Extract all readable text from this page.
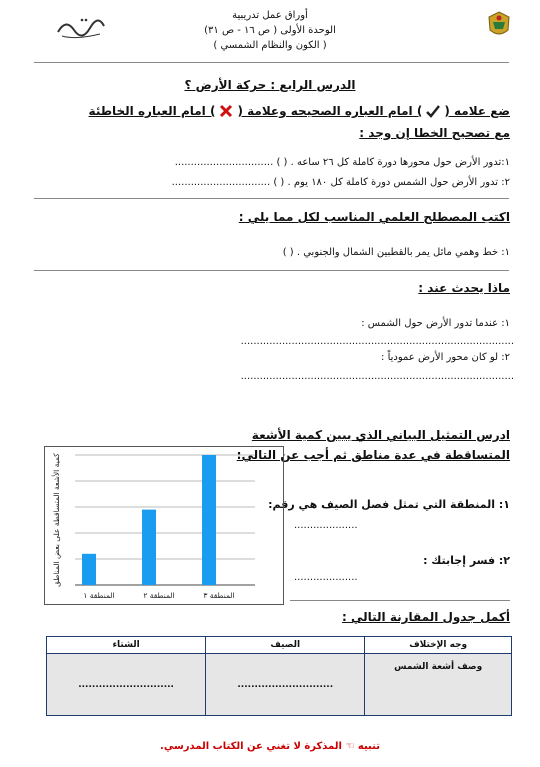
أوراق عمل تدريبية
الوحدة الأولى ( ص ١٦ - ص ٣١)
( الكون والنظام الشمسي )
الدرس الرابع : حركة الأرض ؟
ضع علامه (
) امام العباره الصحيحه وعلامة (
) امام العباره الخاطئة
مع تصحيح الخطا إن وجد :
١:تدور الأرض حول محورها دورة كاملة كل ٢٦ ساعه . ( ) ...............................
٢: تدور الأرض حول الشمس دورة كاملة كل ١٨٠ يوم . ( ) ...............................
اكتب المصطلح العلمي المناسب لكل مما يلي :
١: خط وهمي مائل يمر بالقطبين الشمال والجنوبي . ( )
ماذا يحدث عند :
١: عندما تدور الأرض حول الشمس :
......................................................................................
٢: لو كان محور الأرض عمودياً :
......................................................................................
ادرس التمثيل البياني الذي يبين كمية الأشعة
المتساقطة في عدة مناطق ثم أجب عن التالي:
١: المنطقة التي تمثل فصل الصيف هي رقم:
....................
٢: فسر إجابتك :
....................
كمية الأشعة المتساقطة على بعض المناطق
المنطقة ١	المنطقة ٢	المنطقة ٣
أكمل جدول المقارنة التالي :
وجه الإختلاف	الصيف	الشتاء
وصف أشعة الشمس	............................	............................
تنبيه ☜ المذكرة لا تغني عن الكتاب المدرسي.
